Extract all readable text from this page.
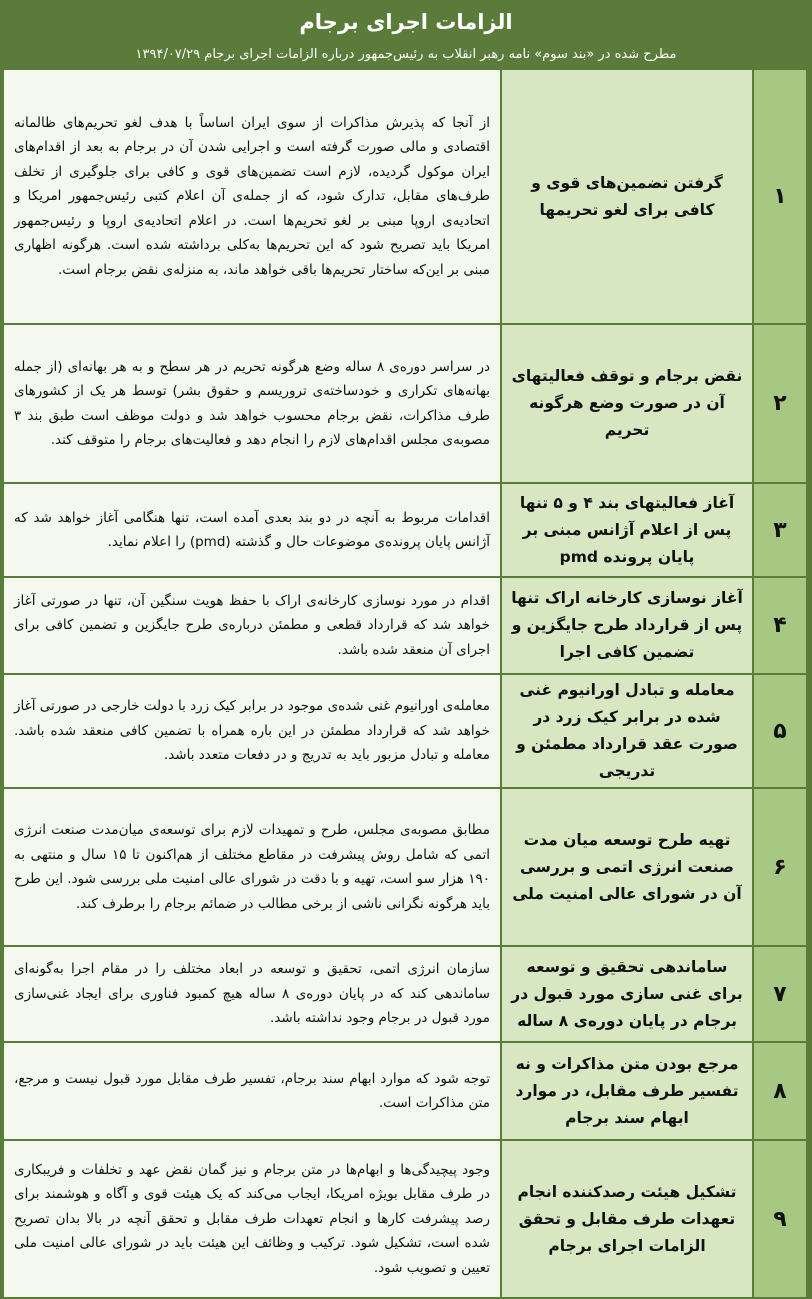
الزامات اجرای برجام
مطرح شده در «بند سوم» نامه رهبر انقلاب به رئیس‌جمهور درباره الزامات اجرای برجام ۱۳۹۴/۰۷/۲۹
۱	گرفتن تضمین‌های قوی و کافی برای لغو تحریمها	از آنجا که پذیرش مذاکرات از سوی ایران اساساً با هدف لغو تحریم‌های ظالمانه اقتصادی و مالی صورت گرفته است و اجرایی شدن آن در برجام به بعد از اقدام‌های ایران موکول گردیده، لازم است تضمین‌های قوی و کافی برای جلوگیری از تخلف طرف‌های مقابل، تدارک شود، که از جمله‌ی آن اعلام کتبی رئیس‌جمهور امریکا و اتحادیه‌ی اروپا مبنی بر لغو تحریم‌ها است. در اعلام اتحادیه‌ی اروپا و رئیس‌جمهور امریکا باید تصریح شود که این تحریم‌ها به‌کلی برداشته شده است. هرگونه اظهاری مبنی بر این‌که ساختار تحریم‌ها باقی خواهد ماند، به منزله‌ی نقض برجام است.
۲	نقض برجام و توقف فعالیتهای آن در صورت وضع هرگونه تحریم	در سراسر دوره‌ی ۸ ساله وضع هرگونه تحریم در هر سطح و به هر بهانه‌ای (از جمله بهانه‌های تکراری و خودساخته‌ی تروریسم و حقوق بشر) توسط هر یک از کشورهای طرف مذاکرات، نقض برجام محسوب خواهد شد و دولت موظف است طبق بند ۳ مصوبه‌ی مجلس اقدام‌های لازم را انجام دهد و فعالیت‌های برجام را متوقف کند.
۳	آغاز فعالیتهای بند ۴ و ۵ تنها پس از اعلام آژانس مبنی بر پایان پرونده pmd	اقدامات مربوط به آنچه در دو بند بعدی آمده است، تنها هنگامی آغاز خواهد شد که آژانس پایان پرونده‌ی موضوعات حال و گذشته (pmd) را اعلام نماید.
۴	آغاز نوسازی کارخانه اراک تنها پس از قرارداد طرح جایگزین و تضمین کافی اجرا	اقدام در مورد نوسازی کارخانه‌ی اراک با حفظ هویت سنگین آن، تنها در صورتی آغاز خواهد شد که قرارداد قطعی و مطمئن درباره‌ی طرح جایگزین و تضمین کافی برای اجرای آن منعقد شده باشد.
۵	معامله و تبادل اورانیوم غنی شده در برابر کیک زرد در صورت عقد قرارداد مطمئن و تدریجی	معامله‌ی اورانیوم غنی شده‌ی موجود در برابر کیک زرد با دولت خارجی در صورتی آغاز خواهد شد که قرارداد مطمئن در این باره همراه با تضمین کافی منعقد شده باشد. معامله و تبادل مزبور باید به تدریج و در دفعات متعدد باشد.
۶	تهیه طرح توسعه میان مدت صنعت انرژی اتمی و بررسی آن در شورای عالی امنیت ملی	مطابق مصوبه‌ی مجلس، طرح و تمهیدات لازم برای توسعه‌ی میان‌مدت صنعت انرژی اتمی که شامل روش پیشرفت در مقاطع مختلف از هم‌اکنون تا ۱۵ سال و منتهی به ۱۹۰ هزار سو است، تهیه و با دقت در شورای عالی امنیت ملی بررسی شود. این طرح باید هرگونه نگرانی ناشی از برخی مطالب در ضمائم برجام را برطرف کند.
۷	ساماندهی تحقیق و توسعه برای غنی سازی مورد قبول در برجام در پایان دوره‌ی ۸ ساله	سازمان انرژی اتمی، تحقیق و توسعه در ابعاد مختلف را در مقام اجرا به‌گونه‌ای ساماندهی کند که در پایان دوره‌ی ۸ ساله هیچ کمبود فناوری برای ایجاد غنی‌سازی مورد قبول در برجام وجود نداشته باشد.
۸	مرجع بودن متن مذاکرات و نه تفسیر طرف مقابل، در موارد ابهام سند برجام	توجه شود که موارد ابهام سند برجام، تفسیر طرف مقابل مورد قبول نیست و مرجع، متن مذاکرات است.
۹	تشکیل هیئت رصدکننده انجام تعهدات طرف مقابل و تحقق الزامات اجرای برجام	وجود پیچیدگی‌ها و ابهام‌ها در متن برجام و نیز گمان نقض عهد و تخلفات و فریبکاری در طرف مقابل بویژه امریکا، ایجاب می‌کند که یک هیئت قوی و آگاه و هوشمند برای رصد پیشرفت کارها و انجام تعهدات طرف مقابل و تحقق آنچه در بالا بدان تصریح شده است، تشکیل شود. ترکیب و وظائف این هیئت باید در شورای عالی امنیت ملی تعیین و تصویب شود.
